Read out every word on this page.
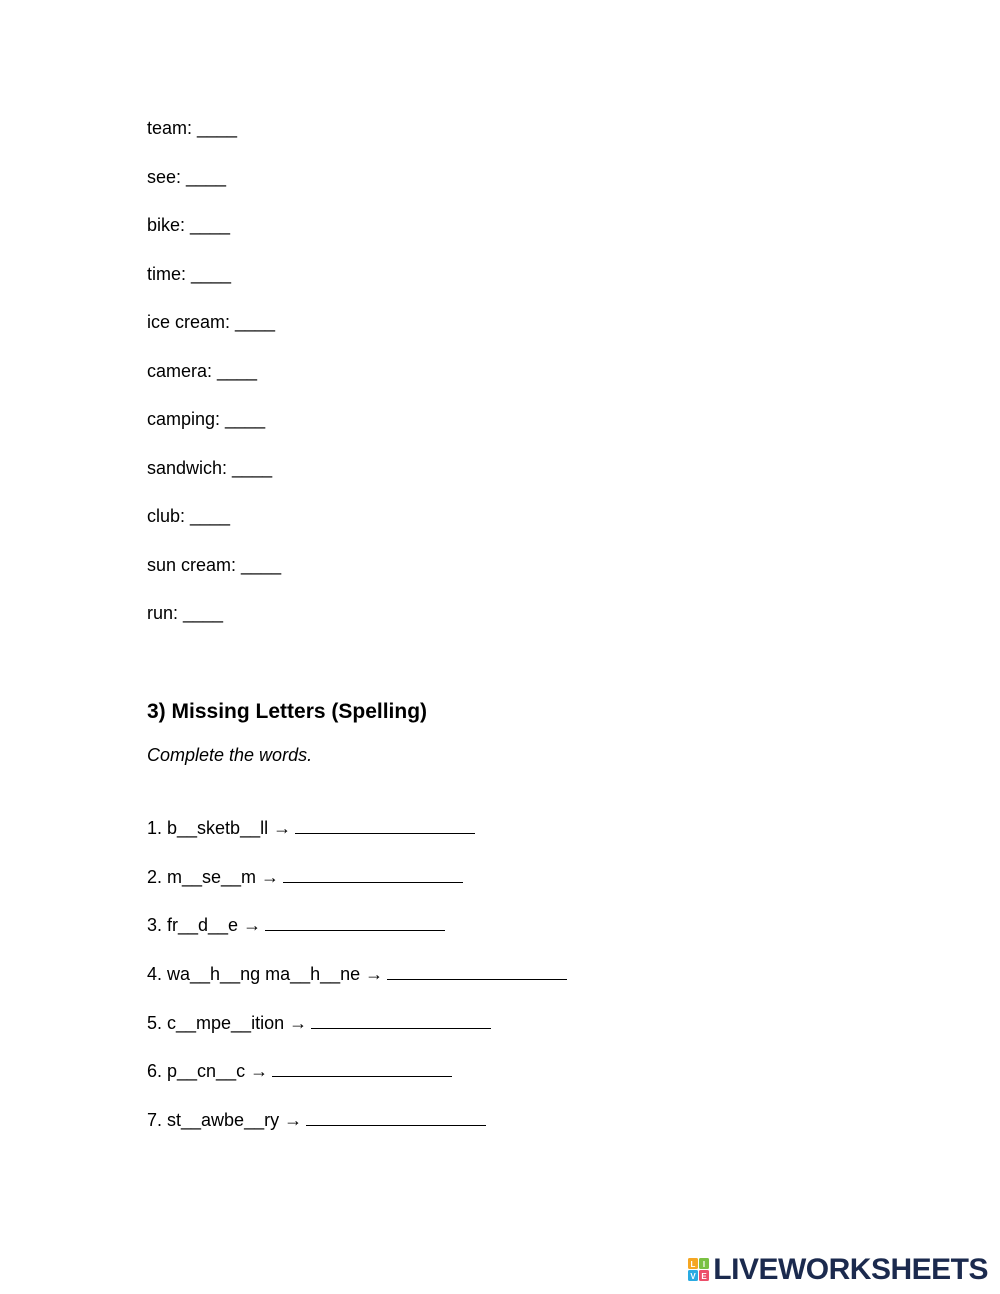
team: ____
see: ____
bike: ____
time: ____
ice cream: ____
camera: ____
camping: ____
sandwich: ____
club: ____
sun cream: ____
run: ____
3) Missing Letters (Spelling)

Complete the words.

1. b__sketb__ll →
2. m__se__m →
3. fr__d__e →
4. wa__h__ng ma__h__ne →
5. c__mpe__ition →
6. p__cn__c →
7. st__awbe__ry →
L I
V E LIVEWORKSHEETS
